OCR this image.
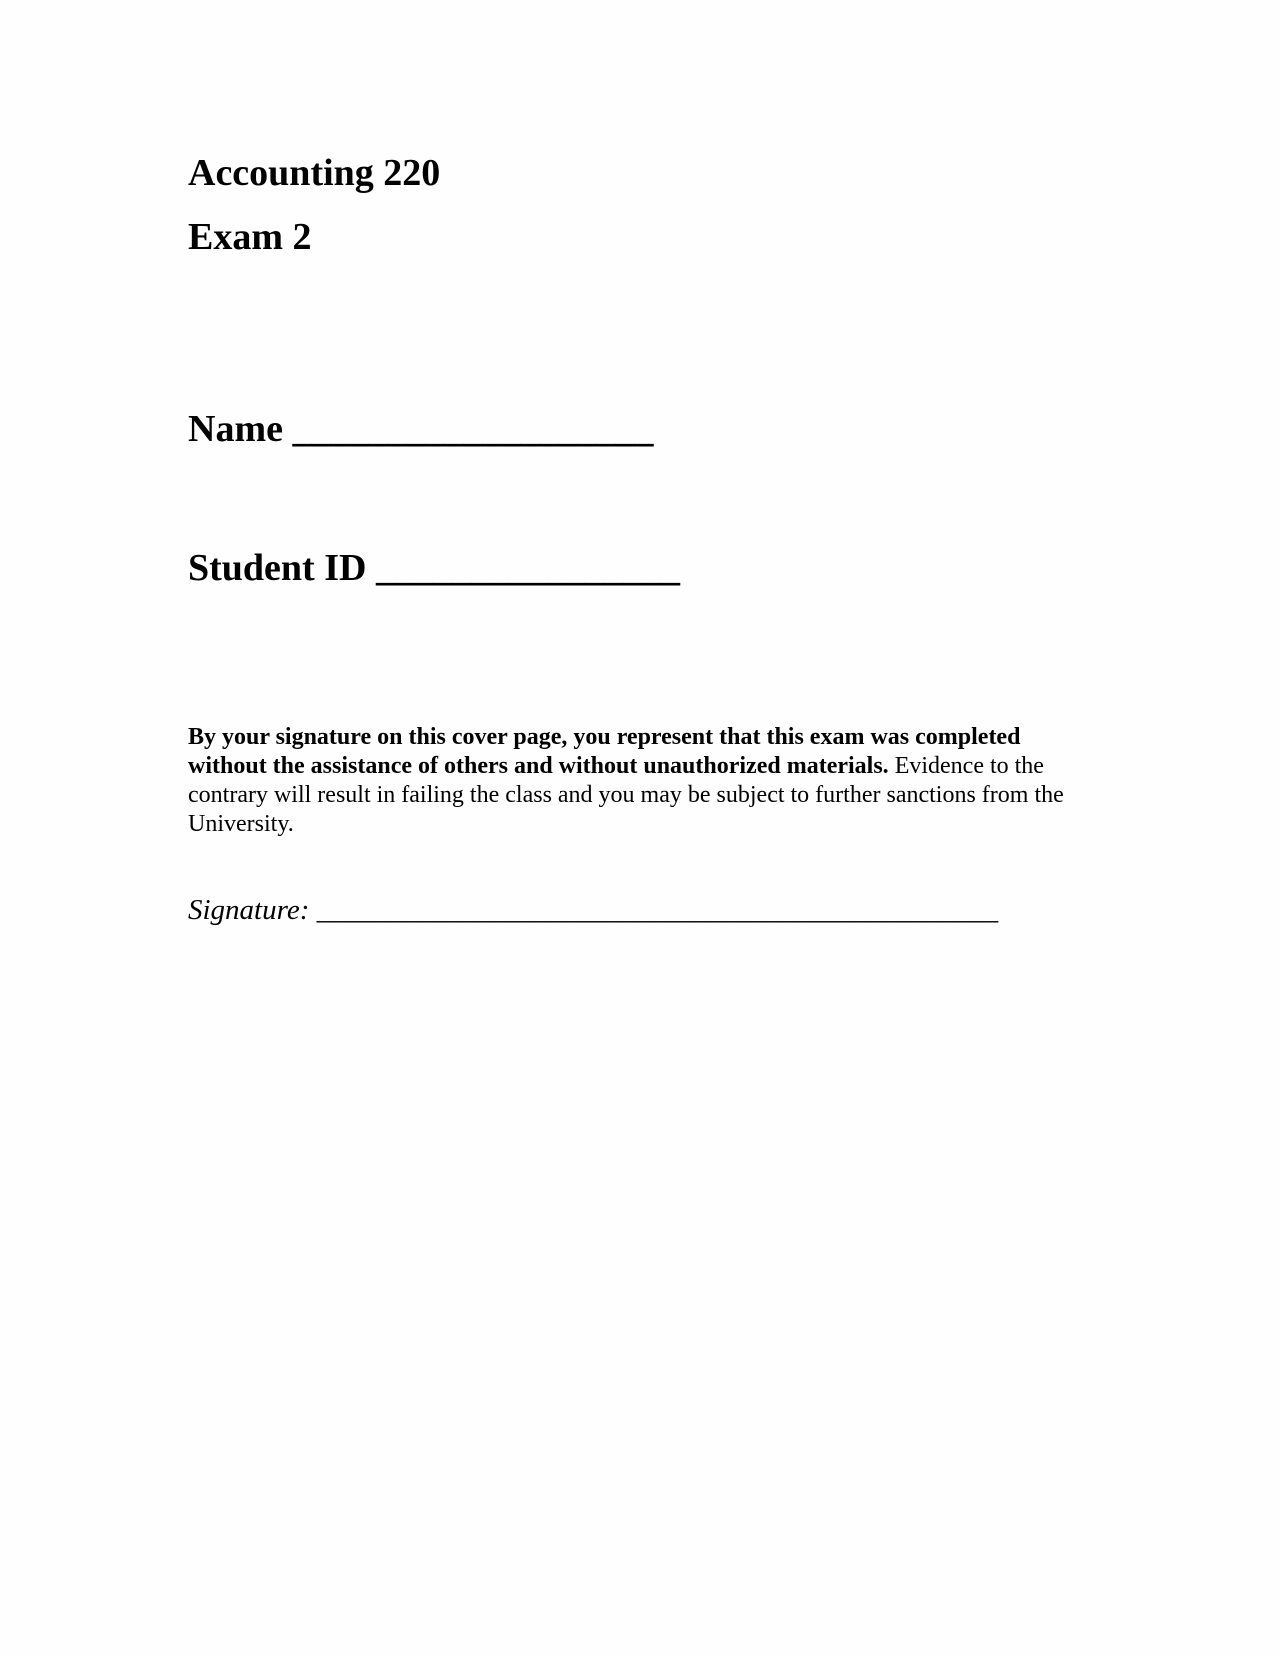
Accounting 220
Exam 2
Name ___________________
Student ID ________________

By your signature on this cover page, you represent that this exam was completed without the assistance of others and without unauthorized materials. Evidence to the contrary will result in failing the class and you may be subject to further sanctions from the University.

Signature: _______________________________________________
